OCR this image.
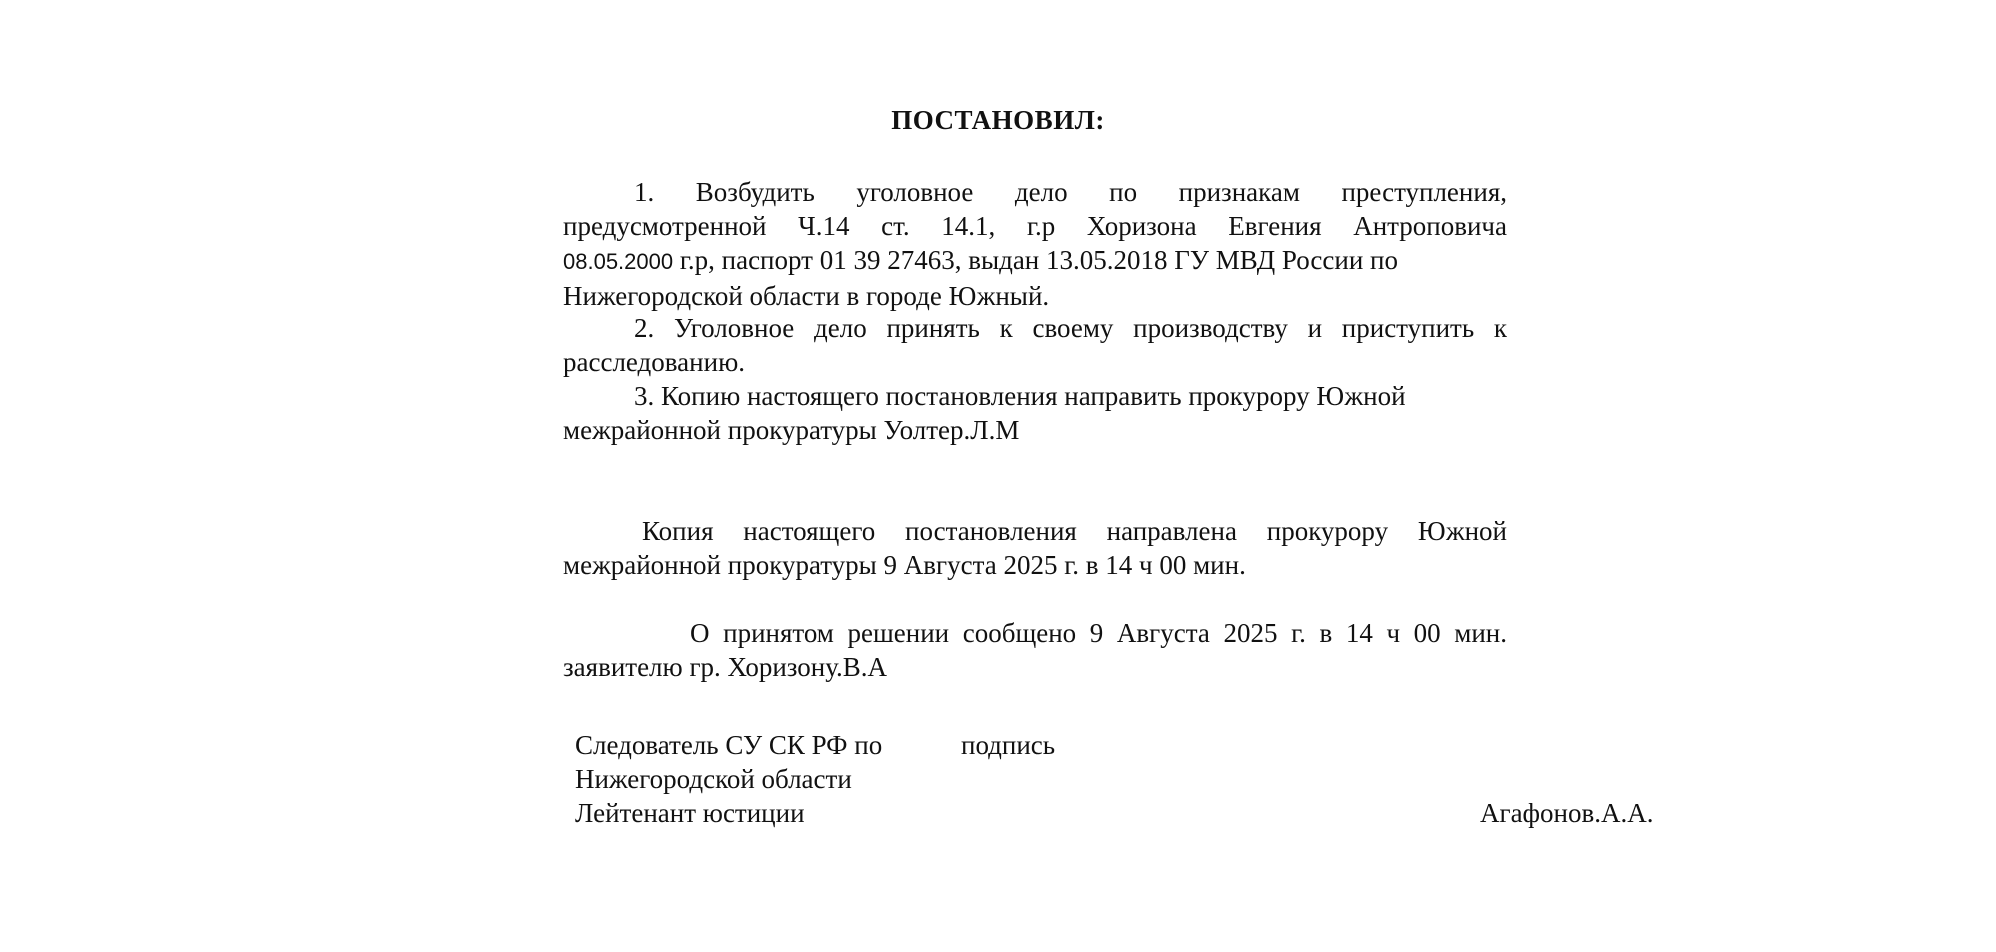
ПОСТАНОВИЛ:
1. Возбудить уголовное дело по признакам преступления,
предусмотренной Ч.14 ст. 14.1, г.р Хоризона Евгения Антроповича
08.05.2000 г.р, паспорт 01 39 27463, выдан 13.05.2018 ГУ МВД России по
Нижегородской области в городе Южный.
2. Уголовное дело принять к своему производству и приступить к
расследованию.
3. Копию настоящего постановления направить прокурору Южной
межрайонной прокуратуры Уолтер.Л.М
Копия настоящего постановления направлена прокурору Южной
межрайонной прокуратуры 9 Августа 2025 г. в 14 ч 00 мин.
О принятом решении сообщено 9 Августа 2025 г. в 14 ч 00 мин.
заявителю гр. Хоризону.В.А
Следователь СУ СК РФ по	подпись
Нижегородской области
Лейтенант юстиции	Агафонов.А.А.
